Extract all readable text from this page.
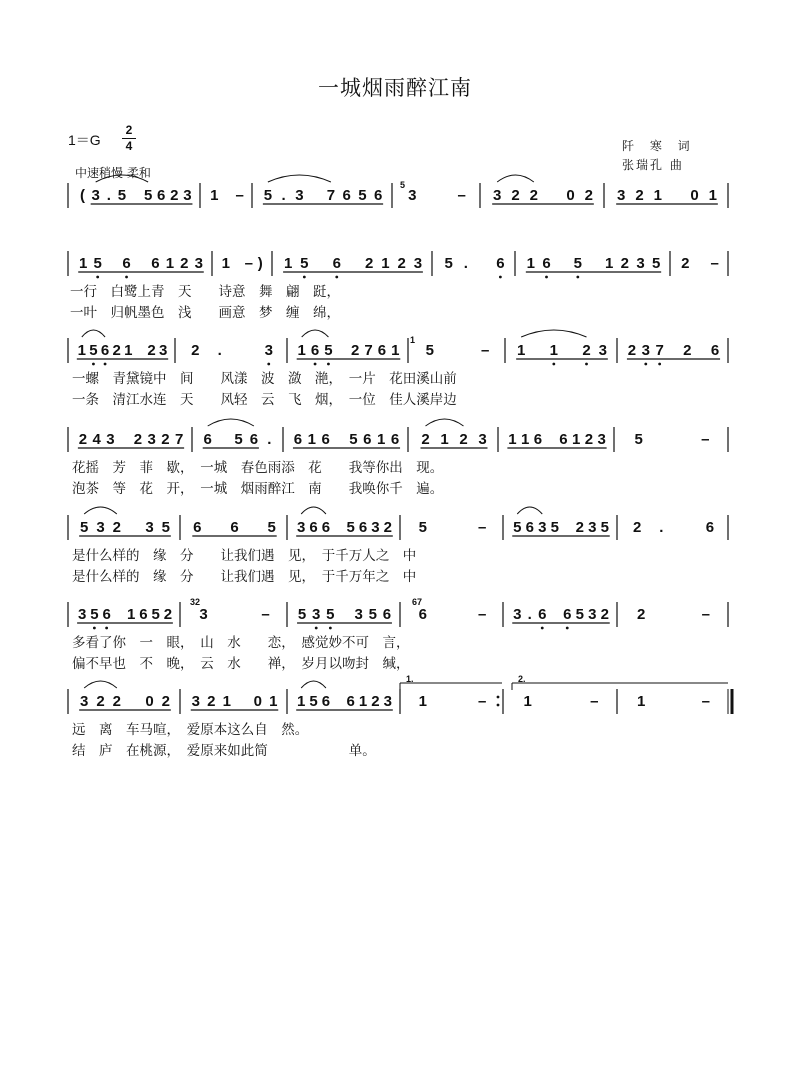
一城烟雨醉江南
1＝G
2
4
中速稍慢 柔和
阡 寒 词
张瑞孔 曲
( 3 . 5 5 6 2 3 1 – 5 . 3 7 6 5 6 3	– 3 2 2 0 2 3 2 1 0 1
1 5 6 6 1 2 3 1 – ) 1 5 6 2 1 2 3 5 . 6 1 6 5 1 2 3 5 2 –
一行　白鹭上青　天　　诗意　舞　翩　跹，
一叶　归帆墨色　浅　　画意　梦　缠　绵，
1 5 6 2 1 2 3 2 .	3 1 6 5 2 7 6 1 5	– 1 1 2 3 2 3 7 2 6
一螺　青黛镜中　间　　风漾　波　潋　滟，　一片　花田溪山前
一条　清江水连　天　　风轻　云　飞　烟，　一位　佳人溪岸边
2 4 3 2 3 2 7 6 5 6 . 6 1 6 5 6 1 6 2 1 2 3 1 1 6 6 1 2 3 5	–
花摇　芳　菲　歇，　一城　春色雨添　花　　我等你出　现。
泡茶　等　花　开，　一城　烟雨醉江　南　　我唤你千　遍。
5 3 2 3 5 6 6 5 3 6 6 5 6 3 2 5	– 5 6 3 5 2 3 5 2 .	6
是什么样的　缘　分　　让我们遇　见，　于千万人之　中
是什么样的　缘　分　　让我们遇　见，　于千万年之　中
3 5 6 1 6 5 2 3	– 5 3 5 3 5 6 6	– 3 . 6 6 5 3 2 2	–
多看了你　一　眼，　山　水　　恋，　感觉妙不可　言，
偏不早也　不　晚，　云　水　　禅，　岁月以吻封　缄，
3 2 2 0 2 3 2 1 0 1 1 5 6 6 1 2 3 1	– 1	–	1	–
远　离　车马喧，　爱原本这么自　然。
结　庐　在桃源，　爱原来如此简　　　　　　单。
5
1
32	67
1.	2.
